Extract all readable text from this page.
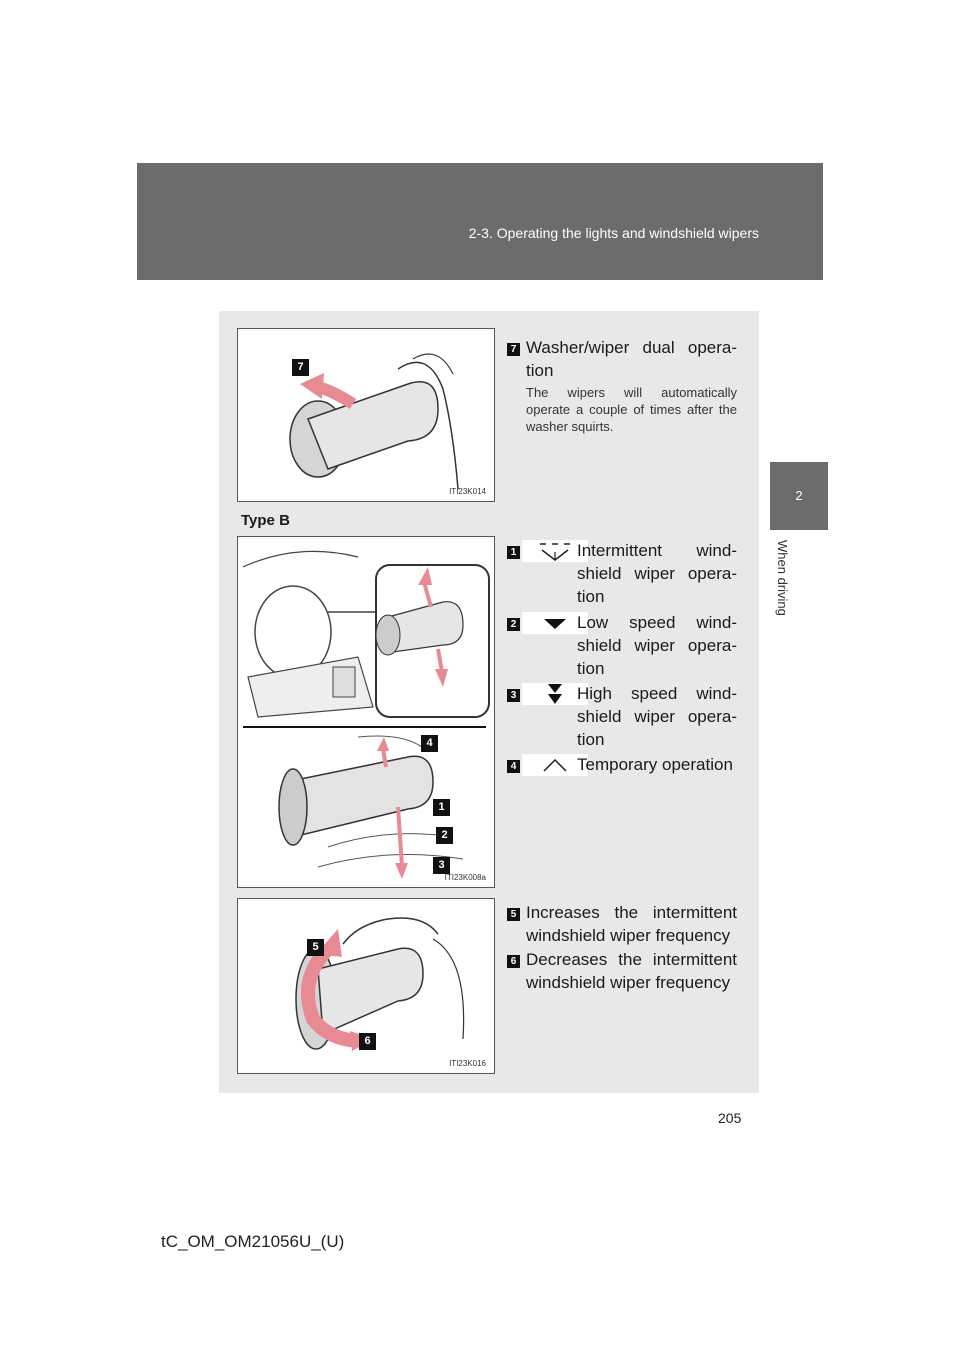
2-3. Operating the lights and windshield wipers
2
When driving
7
ITI23K014
7 Washer/wiper dual opera-tion
The wipers will automatically operate a couple of times after the washer squirts.
Type B
4
1
2
3
ITI23K008a
1	Intermittent wind-shield wiper opera-tion
2	Low speed wind-shield wiper opera-tion
3	High speed wind-shield wiper opera-tion
4	Temporary operation
5
6
ITI23K016
5 Increases the intermittent windshield wiper frequency
6 Decreases the intermittent windshield wiper frequency
205
tC_OM_OM21056U_(U)
